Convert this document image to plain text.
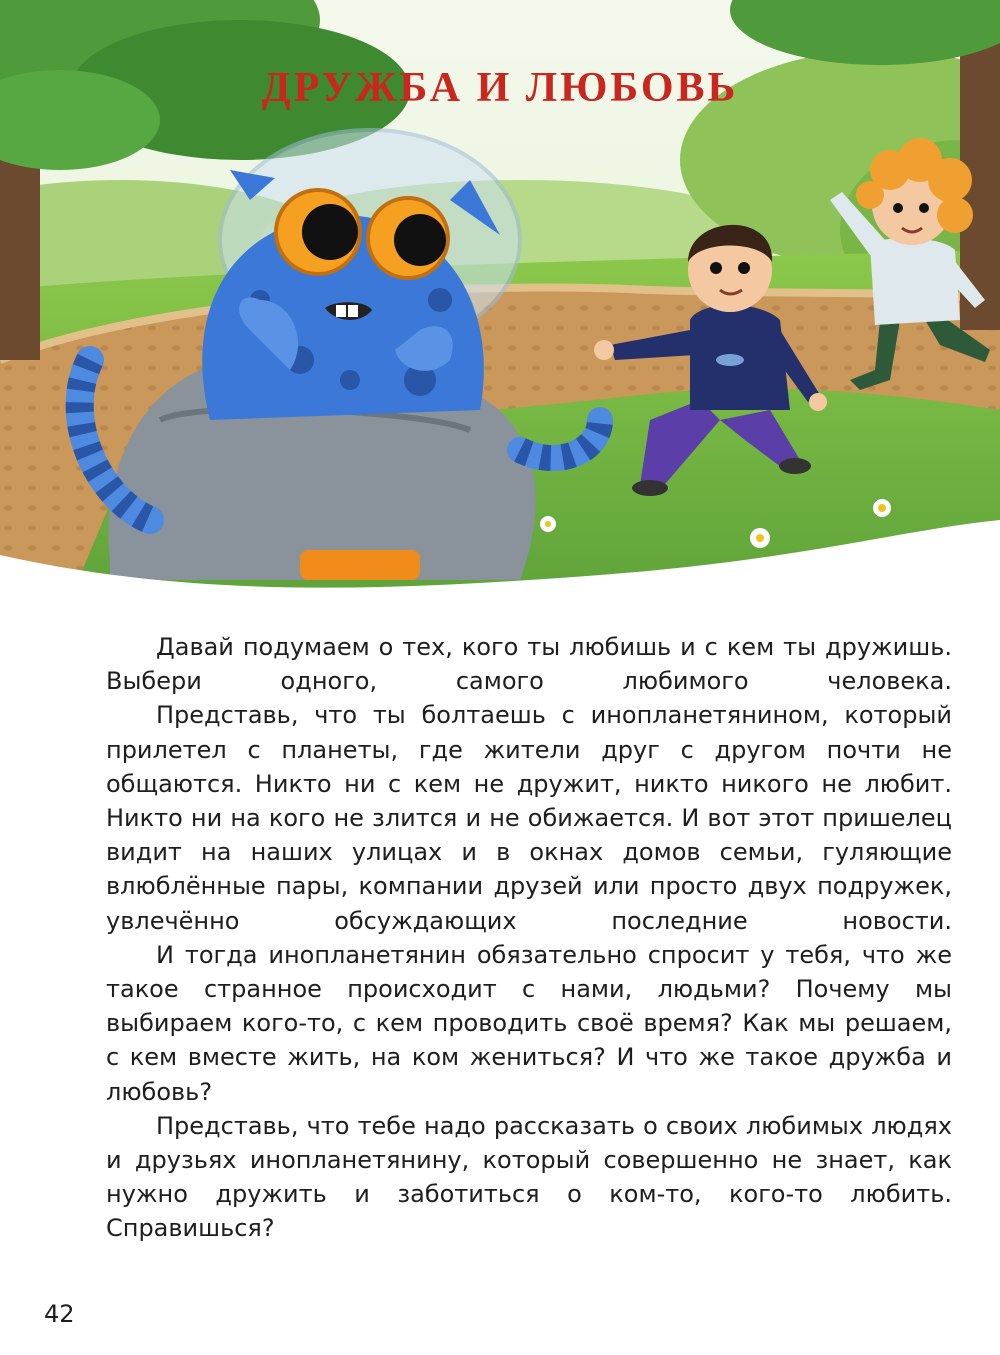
ДРУЖБА И ЛЮБОВЬ

Давай подумаем о тех, кого ты любишь и с кем ты дружишь. Выбери одного, самого любимого человека.

Представь, что ты болтаешь с инопланетянином, который прилетел с планеты, где жители друг с другом почти не общаются. Никто ни с кем не дружит, никто никого не любит. Никто ни на кого не злится и не обижается. И вот этот пришелец видит на наших улицах и в окнах домов семьи, гуляющие влюблённые пары, компании друзей или просто двух подружек, увлечённо обсуждающих последние новости.

И тогда инопланетянин обязательно спросит у тебя, что же такое странное происходит с нами, людьми? Почему мы выбираем кого-то, с кем проводить своё время? Как мы решаем, с кем вместе жить, на ком жениться? И что же такое дружба и любовь?

Представь, что тебе надо рассказать о своих любимых людях и друзьях инопланетянину, который совершенно не знает, как нужно дружить и заботиться о ком-то, кого-то любить. Справишься?

42
